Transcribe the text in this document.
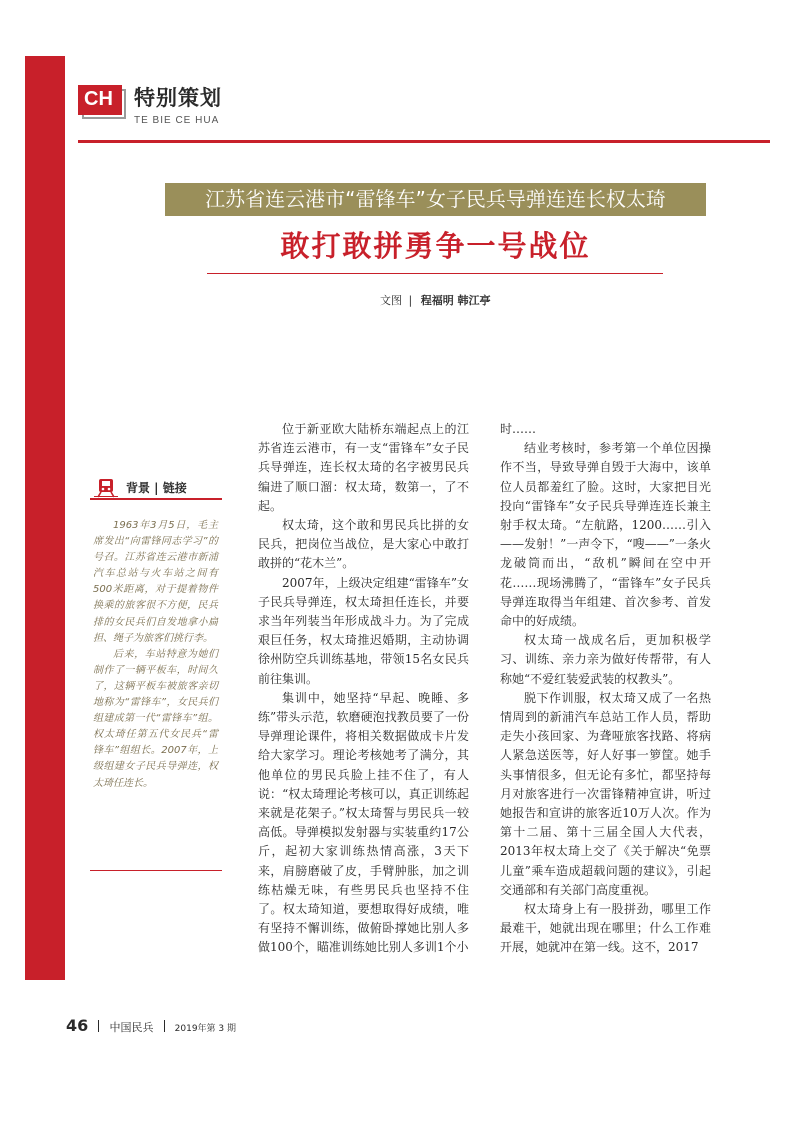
CH 特别策划
TE BIE CE HUA
江苏省连云港市“雷锋车”女子民兵导弹连连长权太琦
敢打敢拼勇争一号战位
文图 | 程福明 韩江亭
背景 | 链接

1963年3月5日，毛主席发出“向雷锋同志学习”的号召。江苏省连云港市新浦汽车总站与火车站之间有500米距离，对于提着物件换乘的旅客很不方便，民兵排的女民兵们自发地拿小扁担、绳子为旅客们挑行李。

后来，车站特意为她们制作了一辆平板车，时间久了，这辆平板车被旅客亲切地称为“雷锋车”，女民兵们组建成第一代“雷锋车”组。权太琦任第五代女民兵“雷锋车”组组长。2007年，上级组建女子民兵导弹连，权太琦任连长。

位于新亚欧大陆桥东端起点上的江苏省连云港市，有一支“雷锋车”女子民兵导弹连，连长权太琦的名字被男民兵编进了顺口溜：权太琦，数第一，了不起。

权太琦，这个敢和男民兵比拼的女民兵，把岗位当战位，是大家心中敢打敢拼的“花木兰”。

2007年，上级决定组建“雷锋车”女子民兵导弹连，权太琦担任连长，并要求当年列装当年形成战斗力。为了完成艰巨任务，权太琦推迟婚期，主动协调徐州防空兵训练基地，带领15名女民兵前往集训。

集训中，她坚持“早起、晚睡、多练”带头示范，软磨硬泡找教员要了一份导弹理论课件，将相关数据做成卡片发给大家学习。理论考核她考了满分，其他单位的男民兵脸上挂不住了，有人说：“权太琦理论考核可以，真正训练起来就是花架子。”权太琦誓与男民兵一较高低。导弹模拟发射器与实装重约17公斤，起初大家训练热情高涨，3天下来，肩膀磨破了皮，手臂肿胀，加之训练枯燥无味，有些男民兵也坚持不住了。权太琦知道，要想取得好成绩，唯有坚持不懈训练，做俯卧撑她比别人多做100个，瞄准训练她比别人多训1个小

时……

结业考核时，参考第一个单位因操作不当，导致导弹自毁于大海中，该单位人员都羞红了脸。这时，大家把目光投向“雷锋车”女子民兵导弹连连长兼主射手权太琦。“左航路，1200……引入——发射！”一声令下，“嗖——”一条火龙破筒而出，“敌机”瞬间在空中开花……现场沸腾了，“雷锋车”女子民兵导弹连取得当年组建、首次参考、首发命中的好成绩。

权太琦一战成名后，更加积极学习、训练、亲力亲为做好传帮带，有人称她“不爱红装爱武装的权教头”。

脱下作训服，权太琦又成了一名热情周到的新浦汽车总站工作人员，帮助走失小孩回家、为聋哑旅客找路、将病人紧急送医等，好人好事一箩筐。她手头事情很多，但无论有多忙，都坚持每月对旅客进行一次雷锋精神宣讲，听过她报告和宣讲的旅客近10万人次。作为第十二届、第十三届全国人大代表，2013年权太琦上交了《关于解决“免票儿童”乘车造成超载问题的建议》，引起交通部和有关部门高度重视。

权太琦身上有一股拼劲，哪里工作最难干，她就出现在哪里；什么工作难开展，她就冲在第一线。这不，2017

46 中国民兵 2019年第 3 期
